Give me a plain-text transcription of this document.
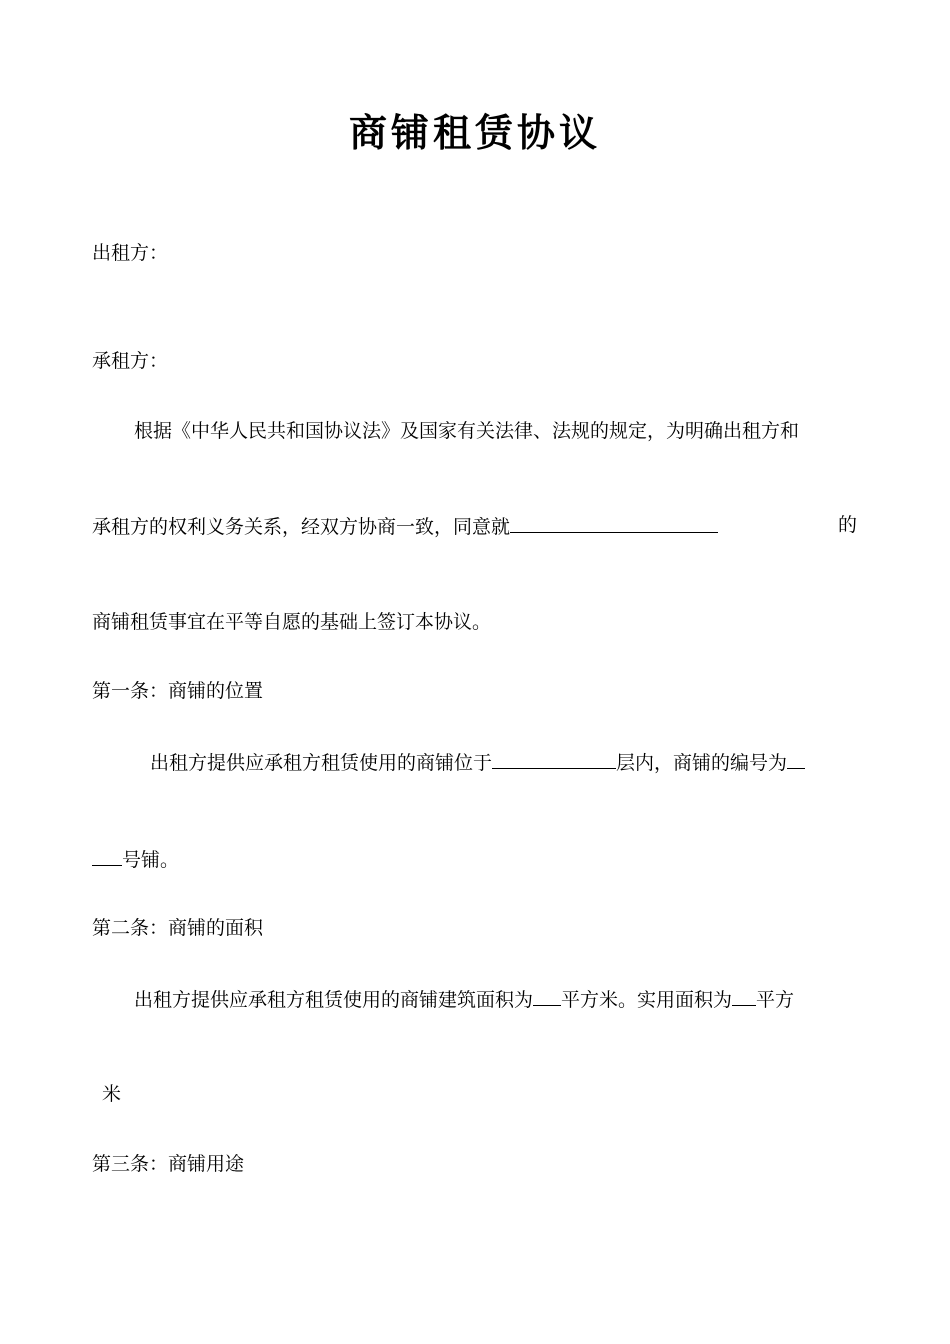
商铺租赁协议
出租方：
承租方：
根据《中华人民共和国协议法》及国家有关法律、法规的规定，为明确出租方和
承租方的权利义务关系，经双方协商一致，同意就	的
商铺租赁事宜在平等自愿的基础上签订本协议。
第一条：商铺的位置
出租方提供应承租方租赁使用的商铺位于	层内，商铺的编号为
号铺。
第二条：商铺的面积
出租方提供应承租方租赁使用的商铺建筑面积为 平方米。实用面积为 平方
米
第三条：商铺用途
